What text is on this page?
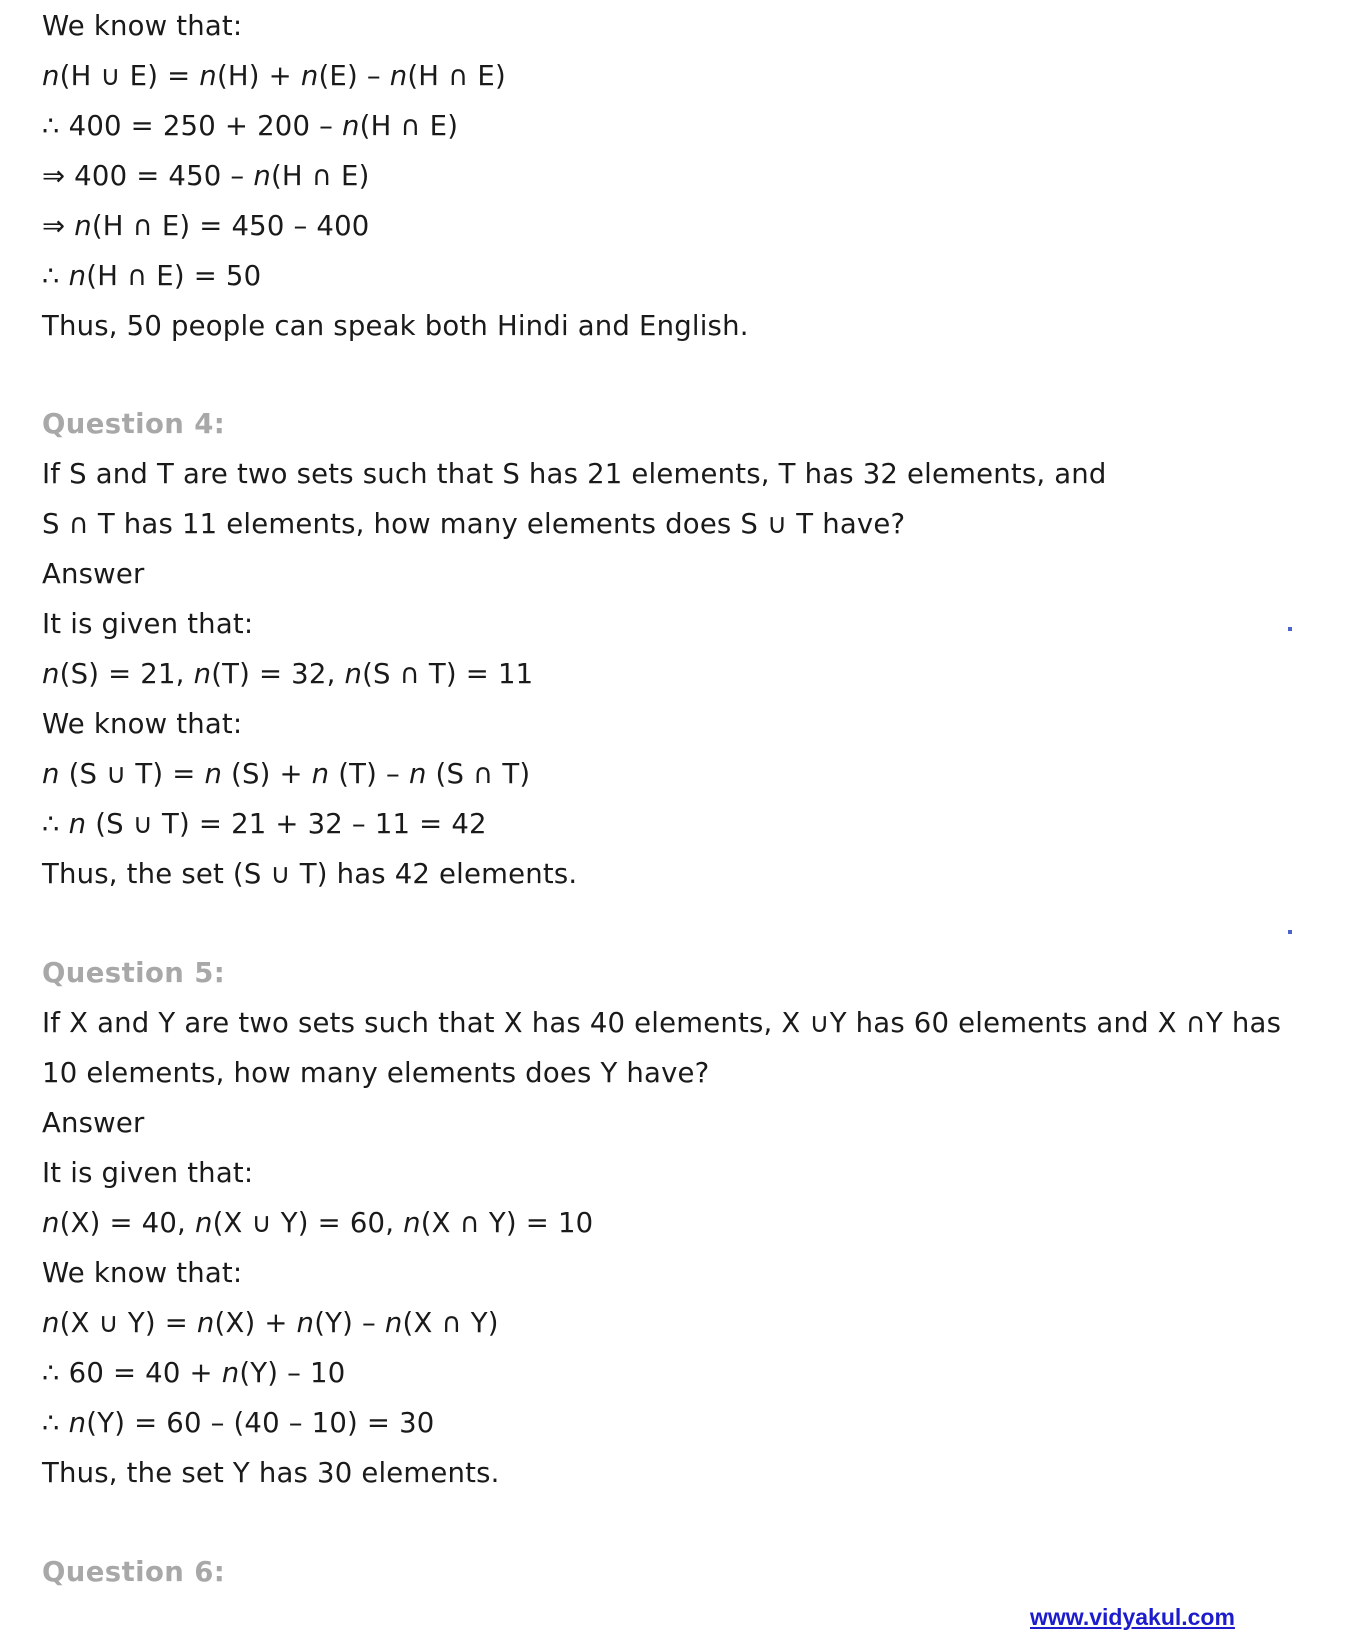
We know that:
n(H ∪ E) = n(H) + n(E) – n(H ∩ E)
∴ 400 = 250 + 200 – n(H ∩ E)
⇒ 400 = 450 – n(H ∩ E)
⇒ n(H ∩ E) = 450 – 400
∴ n(H ∩ E) = 50
Thus, 50 people can speak both Hindi and English.
Question 4:
If S and T are two sets such that S has 21 elements, T has 32 elements, and
S ∩ T has 11 elements, how many elements does S ∪ T have?
Answer
It is given that:
n(S) = 21, n(T) = 32, n(S ∩ T) = 11
We know that:
n (S ∪ T) = n (S) + n (T) – n (S ∩ T)
∴ n (S ∪ T) = 21 + 32 – 11 = 42
Thus, the set (S ∪ T) has 42 elements.
Question 5:
If X and Y are two sets such that X has 40 elements, X ∪Y has 60 elements and X ∩Y has
10 elements, how many elements does Y have?
Answer
It is given that:
n(X) = 40, n(X ∪ Y) = 60, n(X ∩ Y) = 10
We know that:
n(X ∪ Y) = n(X) + n(Y) – n(X ∩ Y)
∴ 60 = 40 + n(Y) – 10
∴ n(Y) = 60 – (40 – 10) = 30
Thus, the set Y has 30 elements.
Question 6:
www.vidyakul.com
